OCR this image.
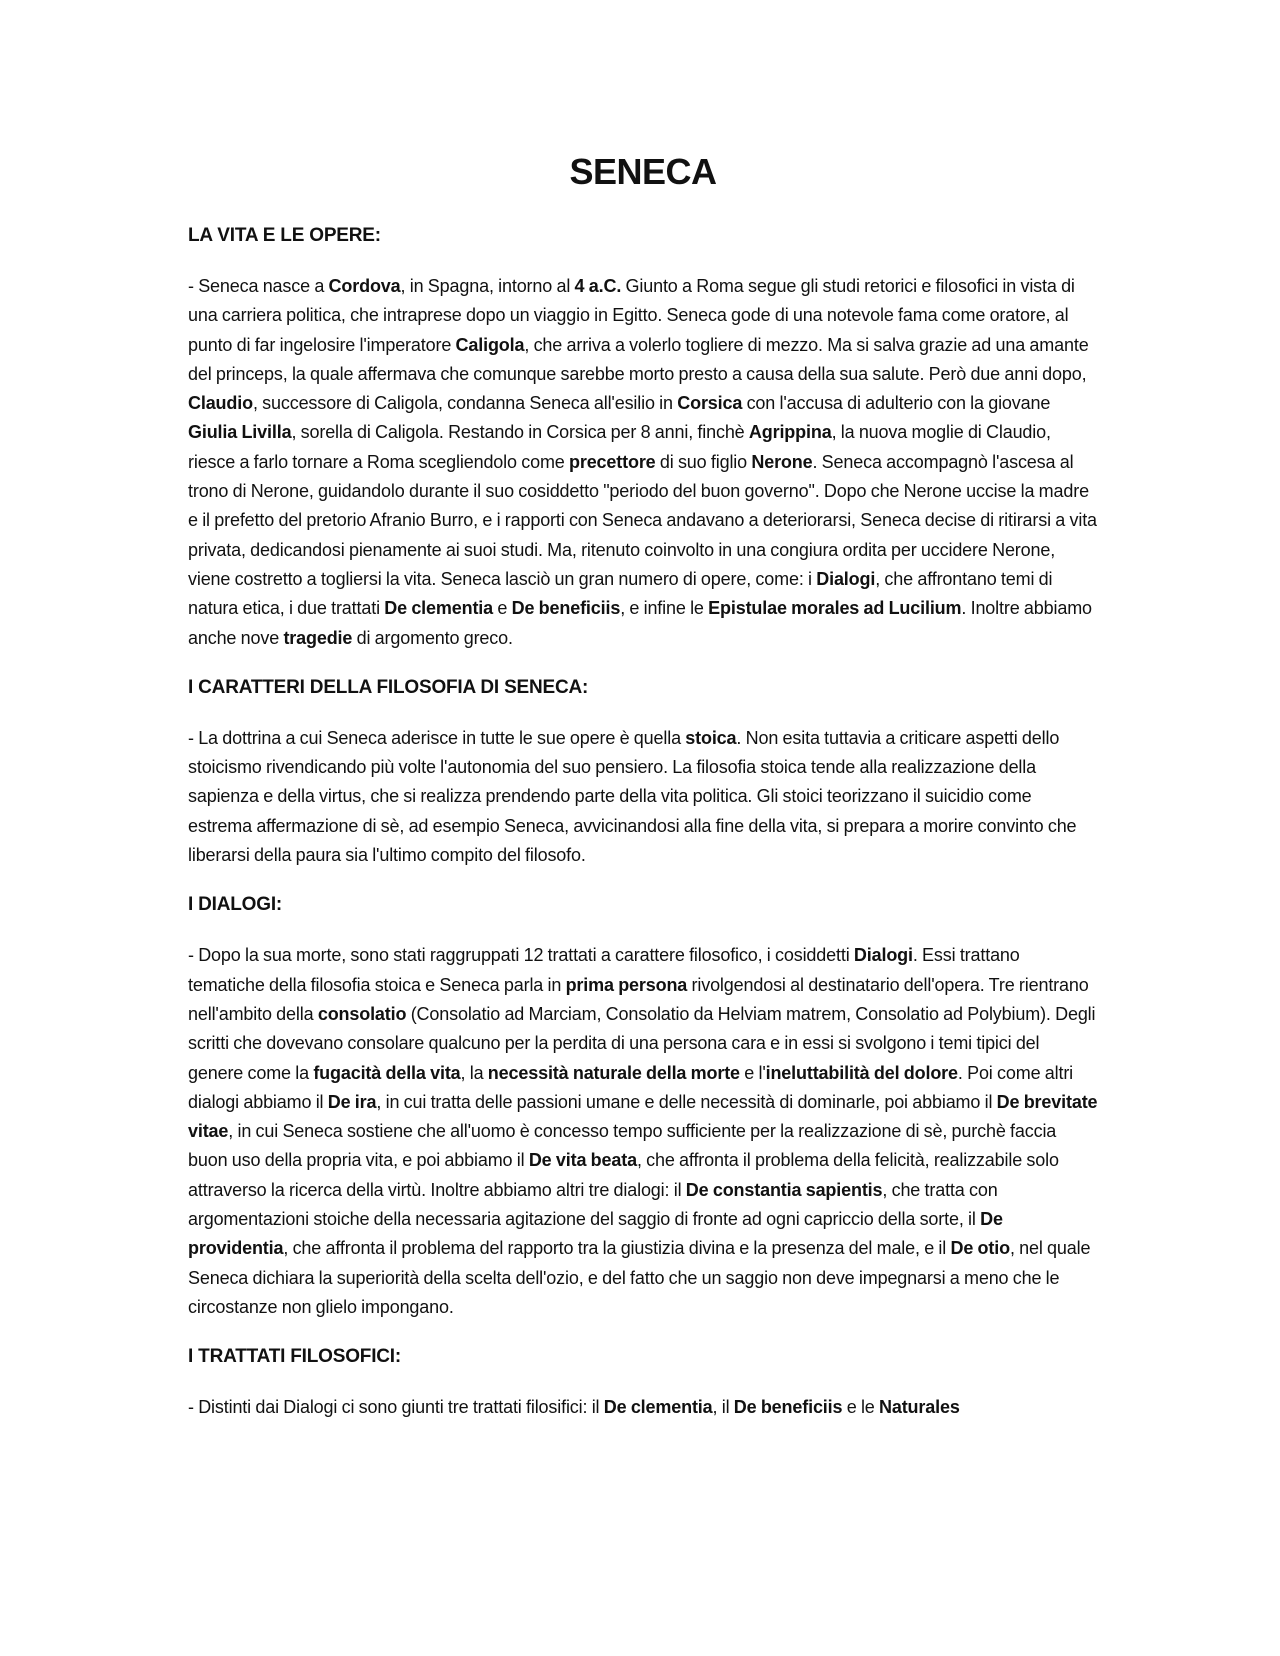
SENECA
LA VITA E LE OPERE:

- Seneca nasce a Cordova, in Spagna, intorno al 4 a.C. Giunto a Roma segue gli studi retorici e filosofici in vista di una carriera politica, che intraprese dopo un viaggio in Egitto. Seneca gode di una notevole fama come oratore, al punto di far ingelosire l'imperatore Caligola, che arriva a volerlo togliere di mezzo. Ma si salva grazie ad una amante del princeps, la quale affermava che comunque sarebbe morto presto a causa della sua salute. Però due anni dopo, Claudio, successore di Caligola, condanna Seneca all'esilio in Corsica con l'accusa di adulterio con la giovane Giulia Livilla, sorella di Caligola. Restando in Corsica per 8 anni, finchè Agrippina, la nuova moglie di Claudio, riesce a farlo tornare a Roma scegliendolo come precettore di suo figlio Nerone. Seneca accompagnò l'ascesa al trono di Nerone, guidandolo durante il suo cosiddetto "periodo del buon governo". Dopo che Nerone uccise la madre e il prefetto del pretorio Afranio Burro, e i rapporti con Seneca andavano a deteriorarsi, Seneca decise di ritirarsi a vita privata, dedicandosi pienamente ai suoi studi. Ma, ritenuto coinvolto in una congiura ordita per uccidere Nerone, viene costretto a togliersi la vita. Seneca lasciò un gran numero di opere, come: i Dialogi, che affrontano temi di natura etica, i due trattati De clementia e De beneficiis, e infine le Epistulae morales ad Lucilium. Inoltre abbiamo anche nove tragedie di argomento greco.

I CARATTERI DELLA FILOSOFIA DI SENECA:

- La dottrina a cui Seneca aderisce in tutte le sue opere è quella stoica. Non esita tuttavia a criticare aspetti dello stoicismo rivendicando più volte l'autonomia del suo pensiero. La filosofia stoica tende alla realizzazione della sapienza e della virtus, che si realizza prendendo parte della vita politica. Gli stoici teorizzano il suicidio come estrema affermazione di sè, ad esempio Seneca, avvicinandosi alla fine della vita, si prepara a morire convinto che liberarsi della paura sia l'ultimo compito del filosofo.

I DIALOGI:

- Dopo la sua morte, sono stati raggruppati 12 trattati a carattere filosofico, i cosiddetti Dialogi. Essi trattano tematiche della filosofia stoica e Seneca parla in prima persona rivolgendosi al destinatario dell'opera. Tre rientrano nell'ambito della consolatio (Consolatio ad Marciam, Consolatio da Helviam matrem, Consolatio ad Polybium). Degli scritti che dovevano consolare qualcuno per la perdita di una persona cara e in essi si svolgono i temi tipici del genere come la fugacità della vita, la necessità naturale della morte e l'ineluttabilità del dolore. Poi come altri dialogi abbiamo il De ira, in cui tratta delle passioni umane e delle necessità di dominarle, poi abbiamo il De brevitate vitae, in cui Seneca sostiene che all'uomo è concesso tempo sufficiente per la realizzazione di sè, purchè faccia buon uso della propria vita, e poi abbiamo il De vita beata, che affronta il problema della felicità, realizzabile solo attraverso la ricerca della virtù. Inoltre abbiamo altri tre dialogi: il De constantia sapientis, che tratta con argomentazioni stoiche della necessaria agitazione del saggio di fronte ad ogni capriccio della sorte, il De providentia, che affronta il problema del rapporto tra la giustizia divina e la presenza del male, e il De otio, nel quale Seneca dichiara la superiorità della scelta dell'ozio, e del fatto che un saggio non deve impegnarsi a meno che le circostanze non glielo impongano.

I TRATTATI FILOSOFICI:

- Distinti dai Dialogi ci sono giunti tre trattati filosifici: il De clementia, il De beneficiis e le Naturales
